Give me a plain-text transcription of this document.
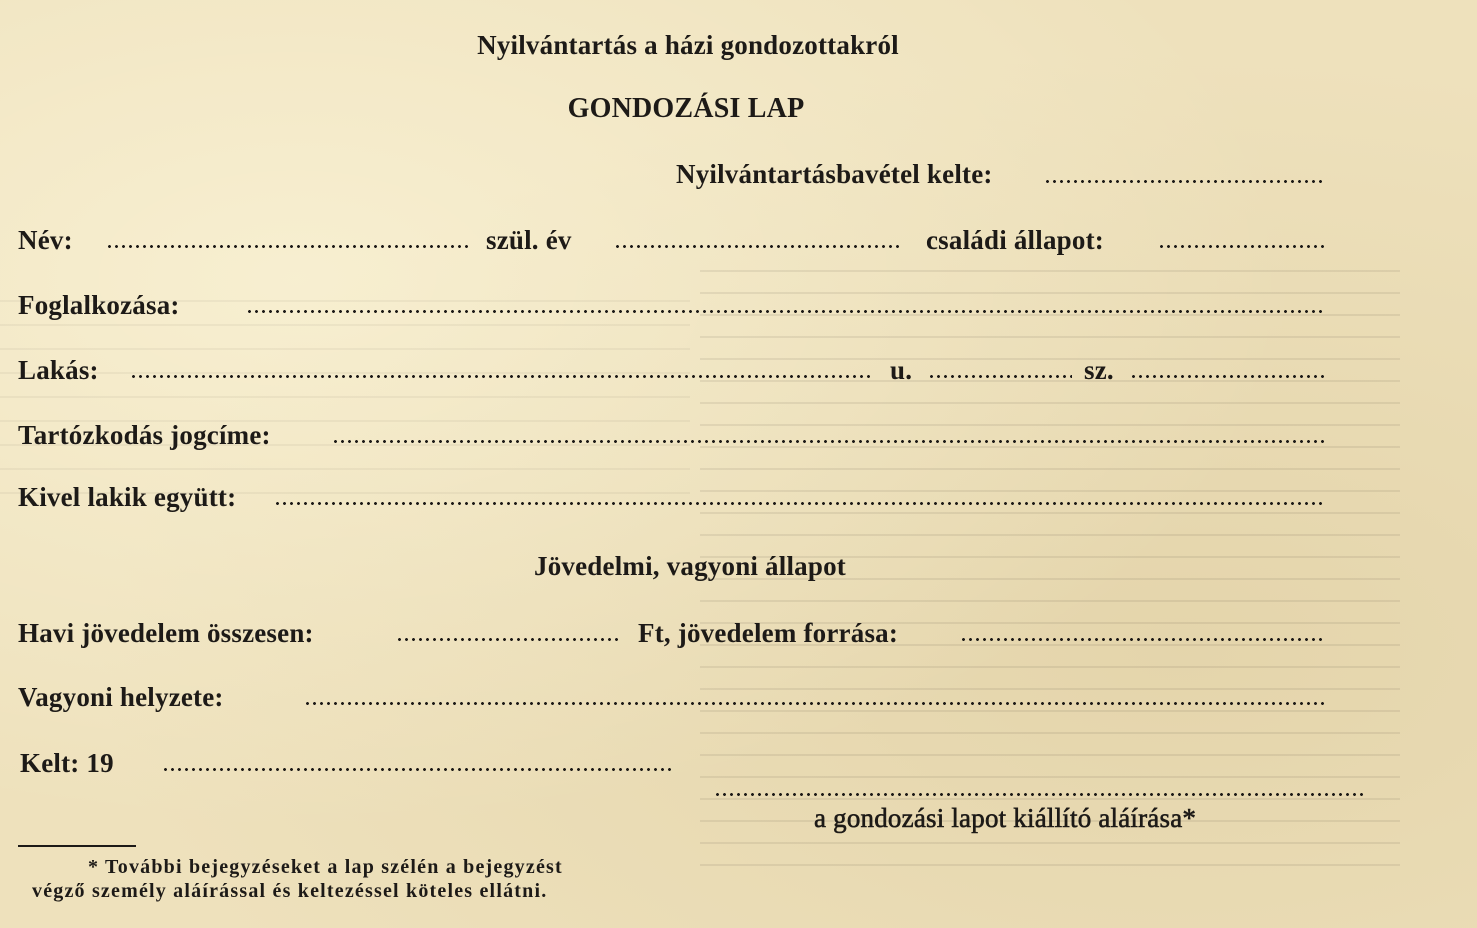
Nyilvántartás a házi gondozottakról
GONDOZÁSI LAP
Nyilvántartásbavétel kelte:
Név:	szül. év	családi állapot:
Foglalkozása:
Lakás:	u.	sz.
Tartózkodás jogcíme:
Kivel lakik együtt:
Jövedelmi, vagyoni állapot
Havi jövedelem összesen:	Ft, jövedelem forrása:
Vagyoni helyzete:
Kelt: 19
a gondozási lapot kiállító aláírása*
* További bejegyzéseket a lap szélén a bejegyzést
végző személy aláírással és keltezéssel köteles ellátni.
